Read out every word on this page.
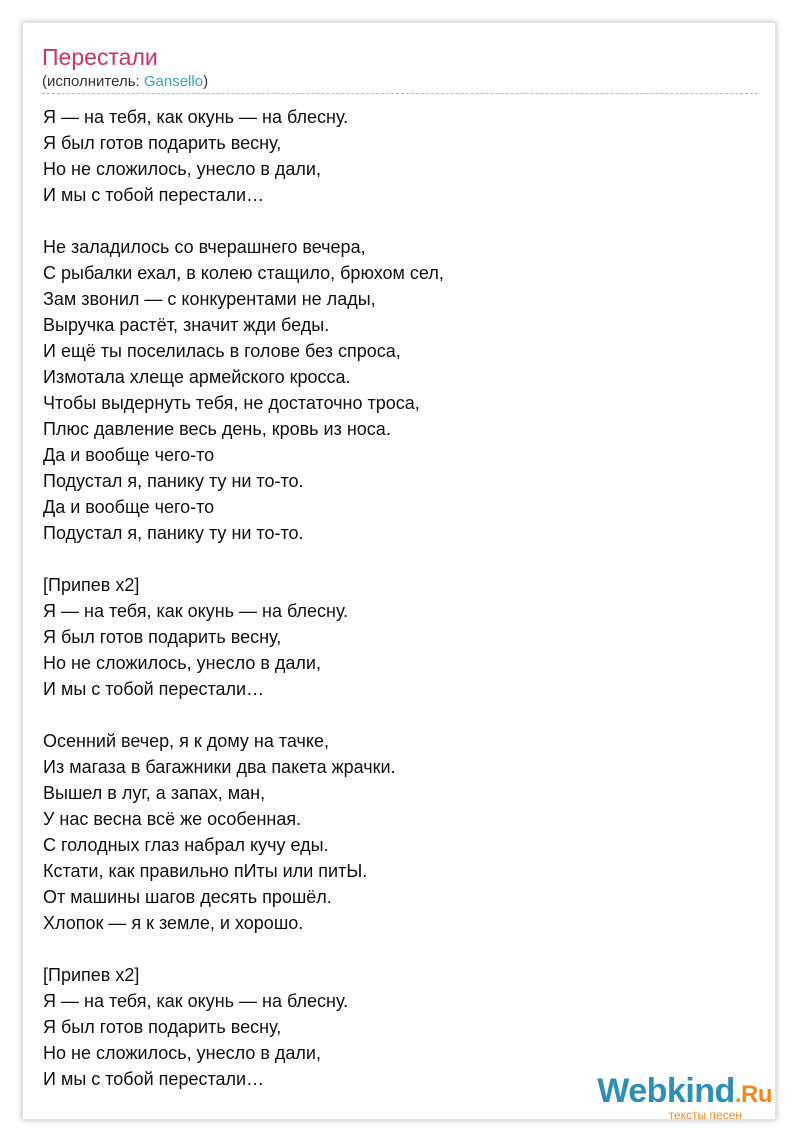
Перестали
(исполнитель: Gansello)
Я — на тебя, как окунь — на блесну.
Я был готов подарить весну,
Но не сложилось, унесло в дали,
И мы с тобой перестали…
Не заладилось со вчерашнего вечера,
С рыбалки ехал, в колею стащило, брюхом сел,
Зам звонил — с конкурентами не лады,
Выручка растёт, значит жди беды.
И ещё ты поселилась в голове без спроса,
Измотала хлеще армейского кросса.
Чтобы выдернуть тебя, не достаточно троса,
Плюс давление весь день, кровь из носа.
Да и вообще чего-то
Подустал я, панику ту ни то-то.
Да и вообще чего-то
Подустал я, панику ту ни то-то.
[Припев x2]
Я — на тебя, как окунь — на блесну.
Я был готов подарить весну,
Но не сложилось, унесло в дали,
И мы с тобой перестали…
Осенний вечер, я к дому на тачке,
Из магаза в багажники два пакета жрачки.
Вышел в луг, а запах, ман,
У нас весна всё же особенная.
С голодных глаз набрал кучу еды.
Кстати, как правильно пИты или питЫ.
От машины шагов десять прошёл.
Хлопок — я к земле, и хорошо.
[Припев x2]
Я — на тебя, как окунь — на блесну.
Я был готов подарить весну,
Но не сложилось, унесло в дали,
И мы с тобой перестали…	Webkind.Ru
тексты песен
